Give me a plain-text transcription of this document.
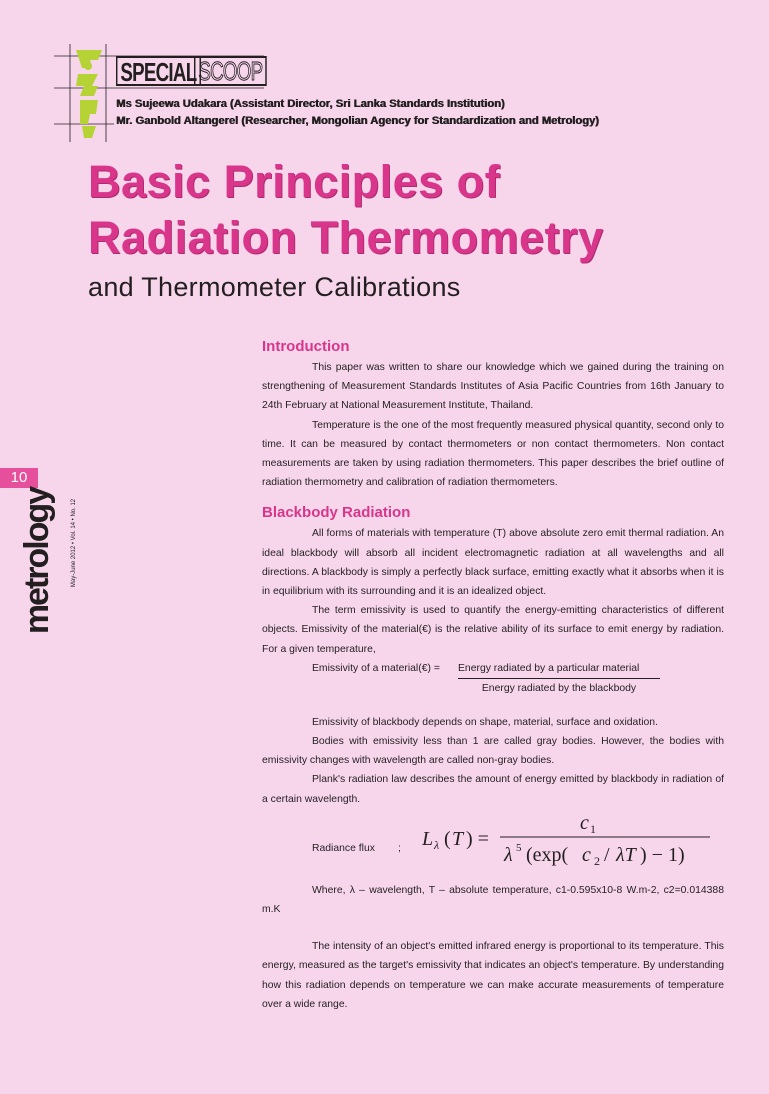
SPECIAL SCOOP
Ms Sujeewa Udakara (Assistant Director, Sri Lanka Standards Institution)
Mr. Ganbold Altangerel (Researcher, Mongolian Agency for Standardization and Metrology)
Basic Principles of
Radiation Thermometry
and Thermometer Calibrations
10
metrology May-June 2012 • Vol. 14 • No. 12
Introduction

This paper was written to share our knowledge which we gained during the training on strengthening of Measurement Standards Institutes of Asia Pacific Countries from 16th January to 24th February at National Measurement Institute, Thailand.

Temperature is the one of the most frequently measured physical quantity, second only to time. It can be measured by contact thermometers or non contact thermometers. Non contact measurements are taken by using radiation thermometers. This paper describes the brief outline of radiation thermometry and calibration of radiation thermometers.

Blackbody Radiation

All forms of materials with temperature (T) above absolute zero emit thermal radiation. An ideal blackbody will absorb all incident electromagnetic radiation at all wavelengths and all directions. A blackbody is simply a perfectly black surface, emitting exactly what it absorbs when it is in equilibrium with its surrounding and it is an idealized object.

The term emissivity is used to quantify the energy-emitting characteristics of different objects. Emissivity of the material(€) is the relative ability of its surface to emit energy by radiation. For a given temperature,

Emissivity of a material(€) = Energy radiated by a particular material
Energy radiated by the blackbody

Emissivity of blackbody depends on shape, material, surface and oxidation.

Bodies with emissivity less than 1 are called gray bodies. However, the bodies with emissivity changes with wavelength are called non-gray bodies.

Plank's radiation law describes the amount of energy emitted by blackbody in radiation of a certain wavelength.

Radiance flux ; L λ ( T ) =
c 1
λ 5 (exp( c 2 / λT ) − 1)

Where, λ – wavelength, T – absolute temperature, c1-0.595x10-8 W.m-2, c2=0.014388 m.K

The intensity of an object's emitted infrared energy is proportional to its temperature. This energy, measured as the target's emissivity that indicates an object's temperature. By understanding how this radiation depends on temperature we can make accurate measurements of temperature over a wide range.
